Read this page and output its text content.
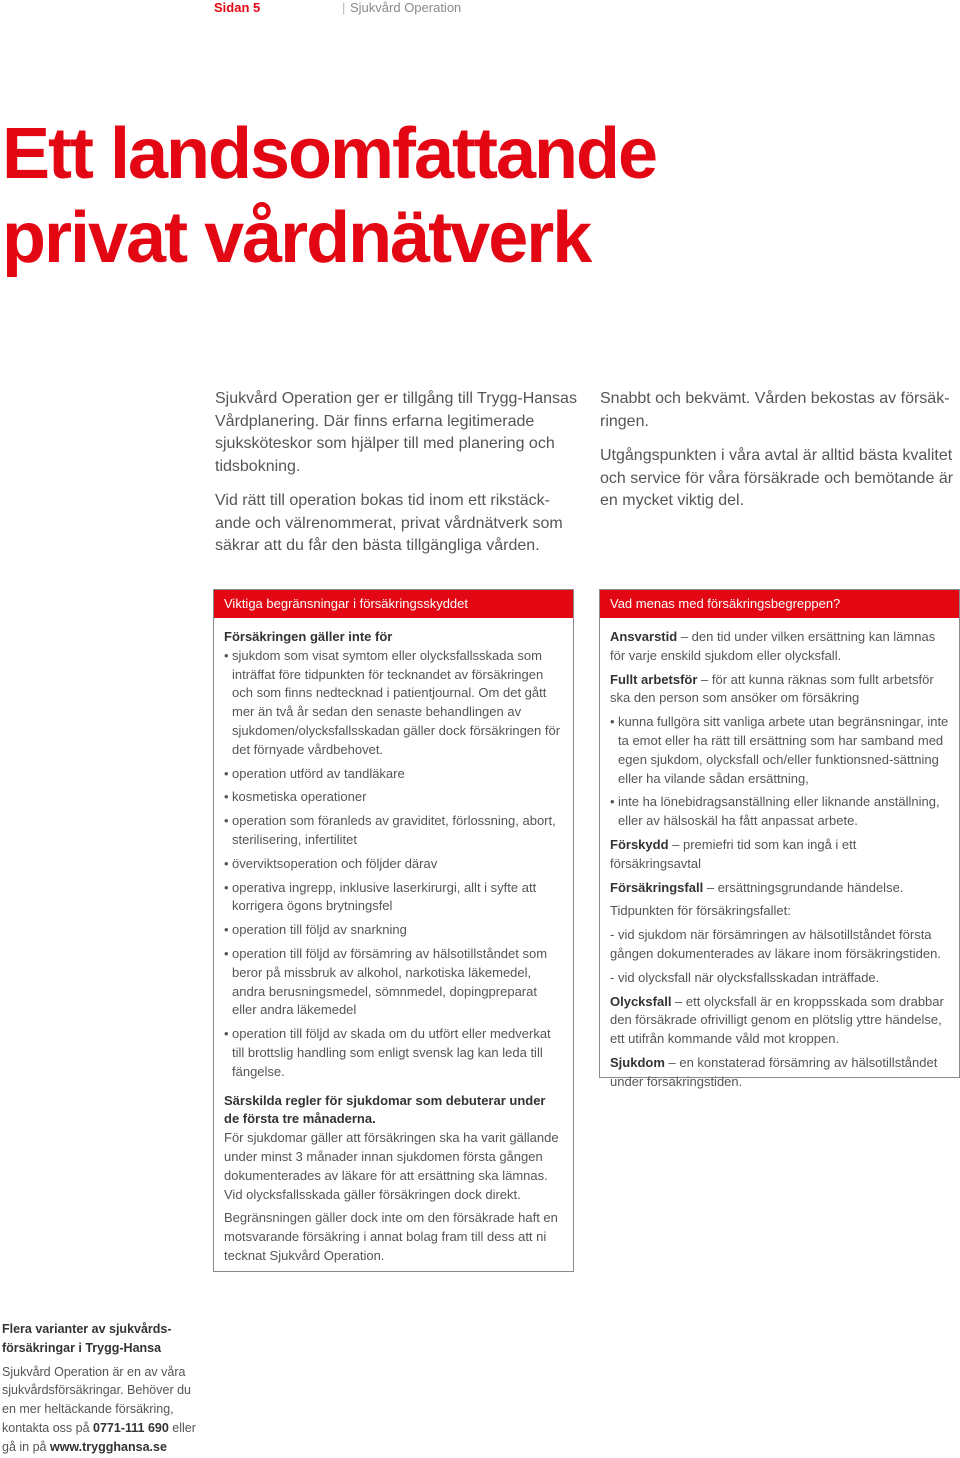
Sidan 5	| Sjukvård Operation
Ett landsomfattande
privat vårdnätverk

Sjukvård Operation ger er tillgång till Trygg-Hansas Vårdplanering. Där finns erfarna legitimerade sjuksköteskor som hjälper till med planering och tidsbokning.

Vid rätt till operation bokas tid inom ett rikstäck-ande och välrenommerat, privat vårdnätverk som säkrar att du får den bästa tillgängliga vården.

Snabbt och bekvämt. Vården bekostas av försäk-ringen.

Utgångspunkten i våra avtal är alltid bästa kvalitet och service för våra försäkrade och bemötande är en mycket viktig del.

Viktiga begränsningar i försäkringsskyddet
Försäkringen gäller inte för
• sjukdom som visat symtom eller olycksfallsskada som inträffat före tidpunkten för tecknandet av försäkringen och som finns nedtecknad i patientjournal. Om det gått mer än två år sedan den senaste behandlingen av sjukdomen/olycksfallsskadan gäller dock försäkringen för det förnyade vårdbehovet.
• operation utförd av tandläkare
• kosmetiska operationer
• operation som föranleds av graviditet, förlossning, abort, sterilisering, infertilitet
• överviktsoperation och följder därav
• operativa ingrepp, inklusive laserkirurgi, allt i syfte att korrigera ögons brytningsfel
• operation till följd av snarkning
• operation till följd av försämring av hälsotillståndet som beror på missbruk av alkohol, narkotiska läkemedel, andra berusningsmedel, sömnmedel, dopingpreparat eller andra läkemedel
• operation till följd av skada om du utfört eller medverkat till brottslig handling som enligt svensk lag kan leda till fängelse.
Särskilda regler för sjukdomar som debuterar under de första tre månaderna.
För sjukdomar gäller att försäkringen ska ha varit gällande under minst 3 månader innan sjukdomen första gången dokumenterades av läkare för att ersättning ska lämnas. Vid olycksfallsskada gäller försäkringen dock direkt.
Begränsningen gäller dock inte om den försäkrade haft en motsvarande försäkring i annat bolag fram till dess att ni tecknat Sjukvård Operation.
Vad menas med försäkringsbegreppen?
Ansvarstid – den tid under vilken ersättning kan lämnas för varje enskild sjukdom eller olycksfall.
Fullt arbetsför – för att kunna räknas som fullt arbetsför ska den person som ansöker om försäkring
• kunna fullgöra sitt vanliga arbete utan begränsningar, inte ta emot eller ha rätt till ersättning som har samband med egen sjukdom, olycksfall och/eller funktionsned-sättning eller ha vilande sådan ersättning,
• inte ha lönebidragsanställning eller liknande anställning, eller av hälsoskäl ha fått anpassat arbete.
Förskydd – premiefri tid som kan ingå i ett försäkringsavtal
Försäkringsfall – ersättningsgrundande händelse.
Tidpunkten för försäkringsfallet:
- vid sjukdom när försämringen av hälsotillståndet första gången dokumenterades av läkare inom försäkringstiden.
- vid olycksfall när olycksfallsskadan inträffade.
Olycksfall – ett olycksfall är en kroppsskada som drabbar den försäkrade ofrivilligt genom en plötslig yttre händelse, ett utifrån kommande våld mot kroppen.
Sjukdom – en konstaterad försämring av hälsotillståndet under försäkringstiden.
Flera varianter av sjukvårds-försäkringar i Trygg-Hansa
Sjukvård Operation är en av våra sjukvårdsförsäkringar. Behöver du en mer heltäckande försäkring, kontakta oss på 0771-111 690 eller gå in på www.trygghansa.se
